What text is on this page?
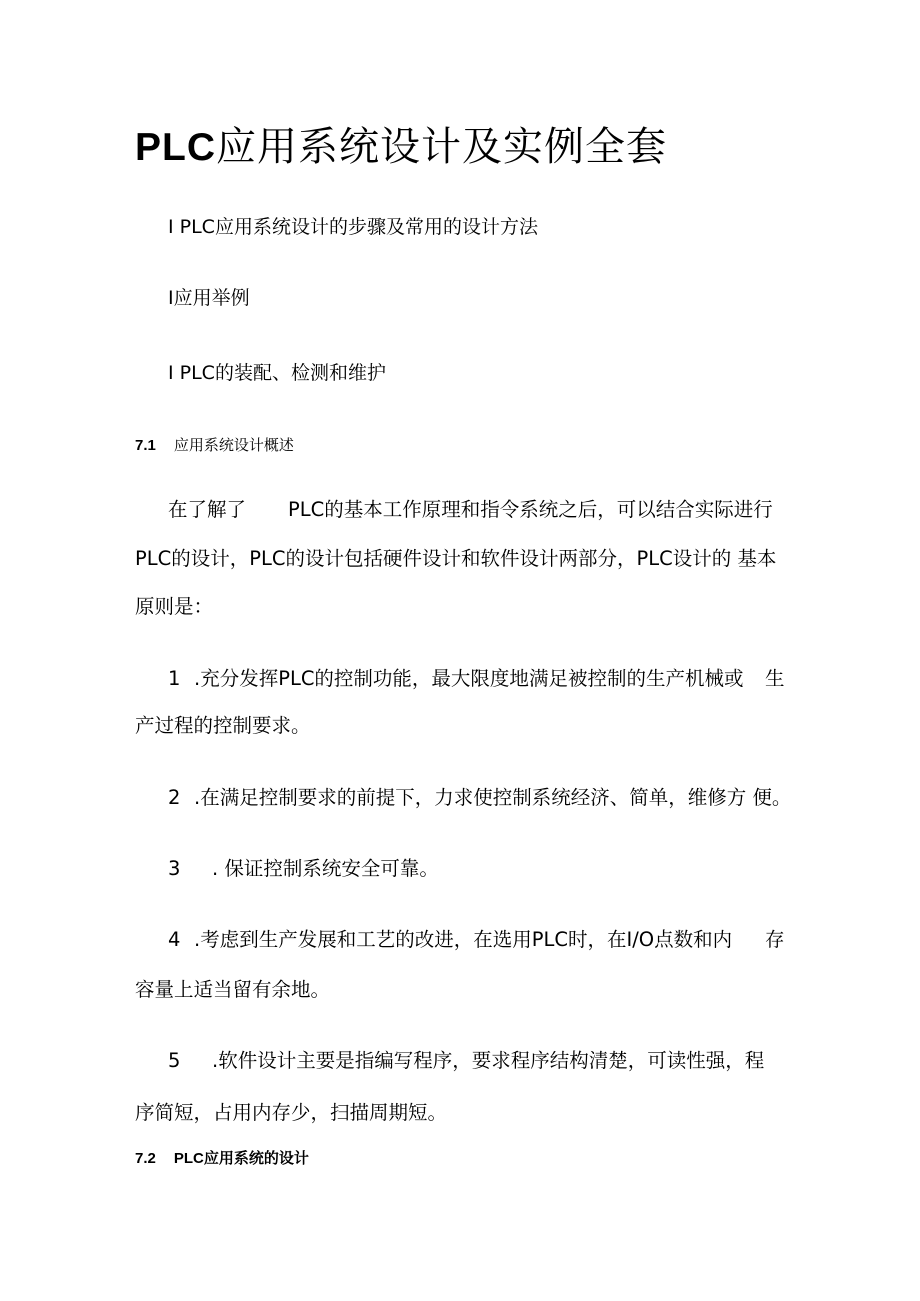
PLC应用系统设计及实例全套
I PLC应用系统设计的步骤及常用的设计方法
I应用举例
I PLC的装配、检测和维护
7.1 应用系统设计概述
在了解了 PLC的基本工作原理和指令系统之后，可以结合实际进行
PLC的设计，PLC的设计包括硬件设计和软件设计两部分，PLC设计的 基本
原则是：
1 .充分发挥PLC的控制功能，最大限度地满足被控制的生产机械或 生
产过程的控制要求。
2 .在满足控制要求的前提下，力求使控制系统经济、简单，维修方 便。
3 . 保证控制系统安全可靠。
4 .考虑到生产发展和工艺的改进，在选用PLC时，在I/O点数和内 存
容量上适当留有余地。
5 .软件设计主要是指编写程序，要求程序结构清楚，可读性强，程
序简短，占用内存少，扫描周期短。
7.2 PLC应用系统的设计
